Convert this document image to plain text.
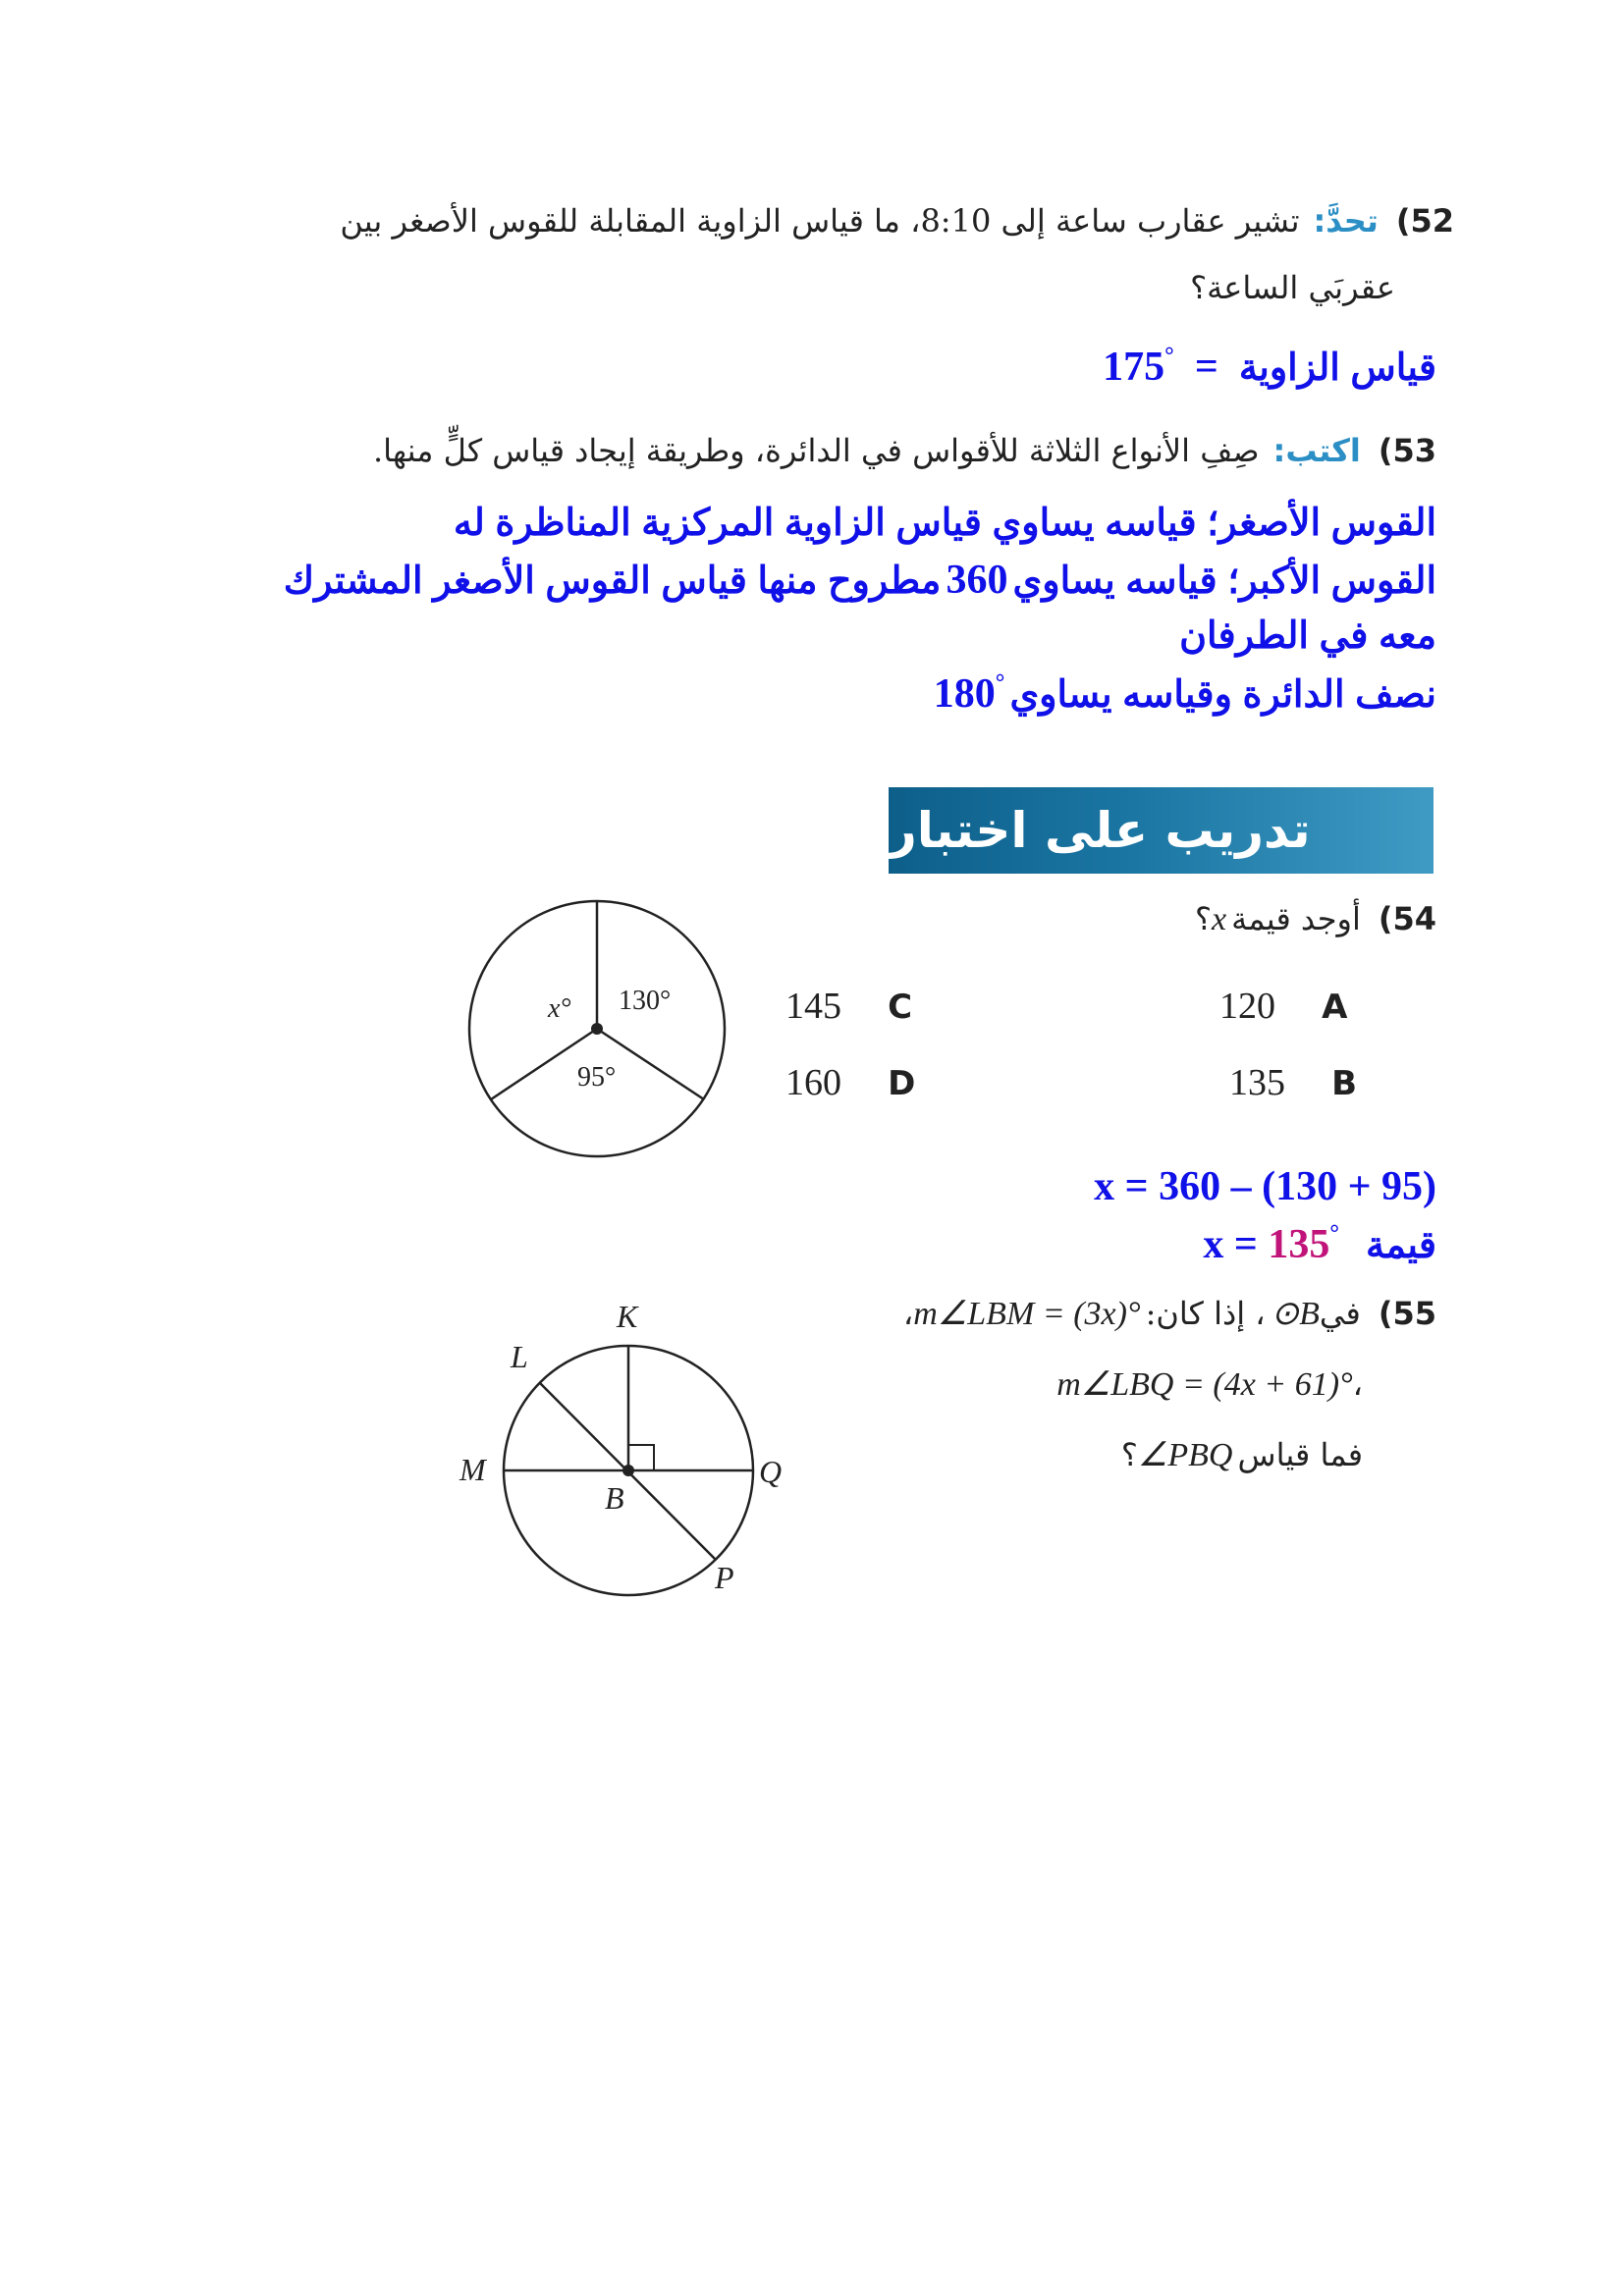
52)تحدَّ:تشير عقارب ساعة إلى 8:10، ما قياس الزاوية المقابلة للقوس الأصغر بين
عقربَي الساعة؟
قياس الزاوية = 175°
53)اكتب:صِفِ الأنواع الثلاثة للأقواس في الدائرة، وطريقة إيجاد قياس كلٍّ منها.
القوس الأصغر؛ قياسه يساوي قياس الزاوية المركزية المناظرة له
القوس الأكبر؛ قياسه يساوي 360 مطروح منها قياس القوس الأصغر المشترك
معه في الطرفان
نصف الدائرة وقياسه يساوي 180°
تدريب على اختبار
54)أوجد قيمة x؟
x° 130°
95°
120 A
135 B
145 C
160 D
x = 360 – (130 + 95)
قيمة x = 135°
55)في⊙B، إذا كان: m∠LBM = (3x)°،
m∠LBQ = (4x + 61)°،
فما قياس ∠PBQ؟
K
L
M
B
Q
P
